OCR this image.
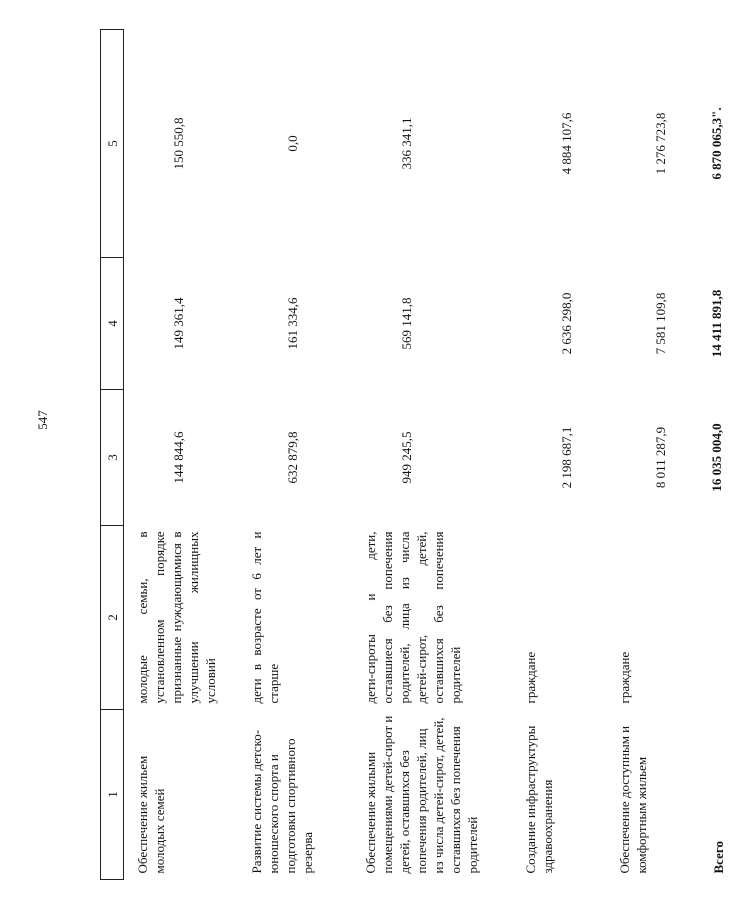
547
1	2	3	4	5
Обеспечение жильем молодых семей	молодые семьи, в установленном порядке признанные нуждающимися в улучшении жилищных условий	144 844,6	149 361,4	150 550,8
Развитие системы детско-юношеского спорта и подготовки спортивного резерва	дети в возрасте от 6 лет и старше	632 879,8	161 334,6	0,0
Обеспечение жилыми помещениями детей-сирот и детей, оставшихся без попечения родителей, лиц из числа детей-сирот, детей, оставшихся без попечения родителей	дети-сироты и дети, оставшиеся без попечения родителей, лица из числа детей-сирот, детей, оставшихся без попечения родителей	949 245,5	569 141,8	336 341,1
Создание инфраструктуры здравоохранения	граждане	2 198 687,1	2 636 298,0	4 884 107,6
Обеспечение доступным и комфортным жильем	граждане	8 011 287,9	7 581 109,8	1 276 723,8
Всего		16 035 004,0	14 411 891,8	6 870 065,3".
